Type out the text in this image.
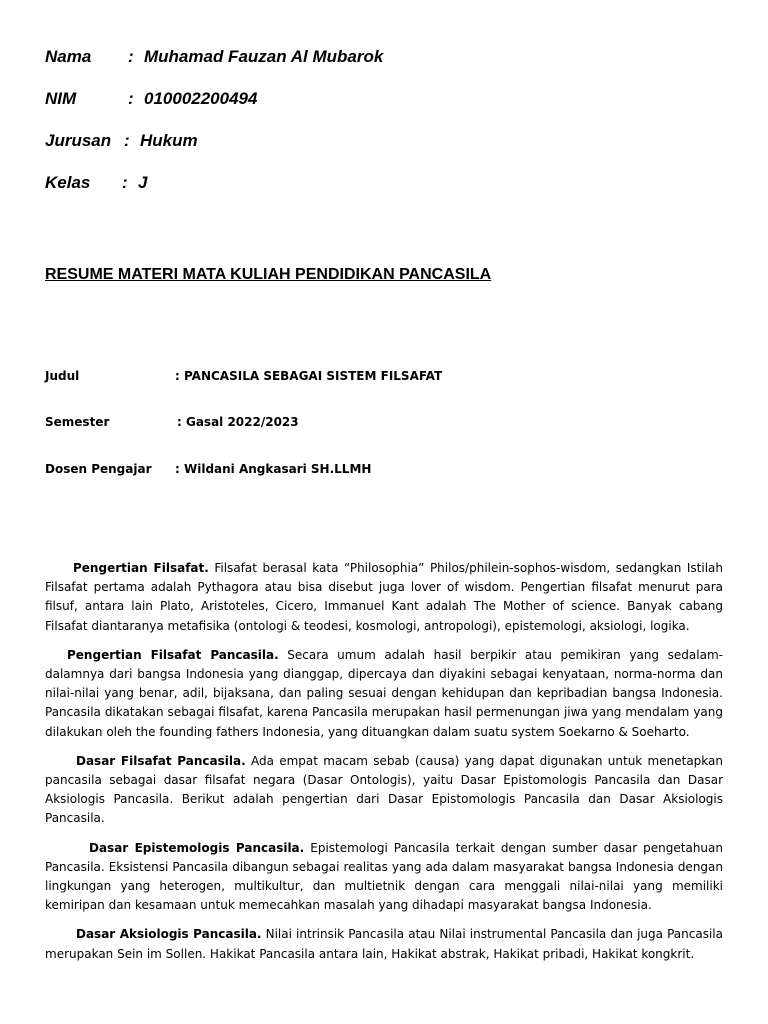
Nama : Muhamad Fauzan Al Mubarok
NIM	: 010002200494
Jurusan : Hukum
Kelas : J
RESUME MATERI MATA KULIAH PENDIDIKAN PANCASILA
Judul	: PANCASILA SEBAGAI SISTEM FILSAFAT
Semester	: Gasal 2022/2023
Dosen Pengajar : Wildani Angkasari SH.LLMH

Pengertian Filsafat. Filsafat berasal kata “Philosophia” Philos/philein-sophos-wisdom, sedangkan Istilah Filsafat pertama adalah Pythagora atau bisa disebut juga lover of wisdom. Pengertian filsafat menurut para filsuf, antara lain Plato, Aristoteles, Cicero, Immanuel Kant adalah The Mother of science. Banyak cabang Filsafat diantaranya metafisika (ontologi & teodesi, kosmologi, antropologi), epistemologi, aksiologi, logika.

Pengertian Filsafat Pancasila. Secara umum adalah hasil berpikir atau pemikiran yang sedalam-dalamnya dari bangsa Indonesia yang dianggap, dipercaya dan diyakini sebagai kenyataan, norma-norma dan nilai-nilai yang benar, adil, bijaksana, dan paling sesuai dengan kehidupan dan kepribadian bangsa Indonesia. Pancasila dikatakan sebagai filsafat, karena Pancasila merupakan hasil permenungan jiwa yang mendalam yang dilakukan oleh the founding fathers Indonesia, yang dituangkan dalam suatu system Soekarno & Soeharto.

Dasar Filsafat Pancasila. Ada empat macam sebab (causa) yang dapat digunakan untuk menetapkan pancasila sebagai dasar filsafat negara (Dasar Ontologis), yaitu Dasar Epistomologis Pancasila dan Dasar Aksiologis Pancasila. Berikut adalah pengertian dari Dasar Epistomologis Pancasila dan Dasar Aksiologis Pancasila.

Dasar Epistemologis Pancasila. Epistemologi Pancasila terkait dengan sumber dasar pengetahuan Pancasila. Eksistensi Pancasila dibangun sebagai realitas yang ada dalam masyarakat bangsa Indonesia dengan lingkungan yang heterogen, multikultur, dan multietnik dengan cara menggali nilai-nilai yang memiliki kemiripan dan kesamaan untuk memecahkan masalah yang dihadapi masyarakat bangsa Indonesia.

Dasar Aksiologis Pancasila. Nilai intrinsik Pancasila atau Nilai instrumental Pancasila dan juga Pancasila merupakan Sein im Sollen. Hakikat Pancasila antara lain, Hakikat abstrak, Hakikat pribadi, Hakikat kongkrit.
